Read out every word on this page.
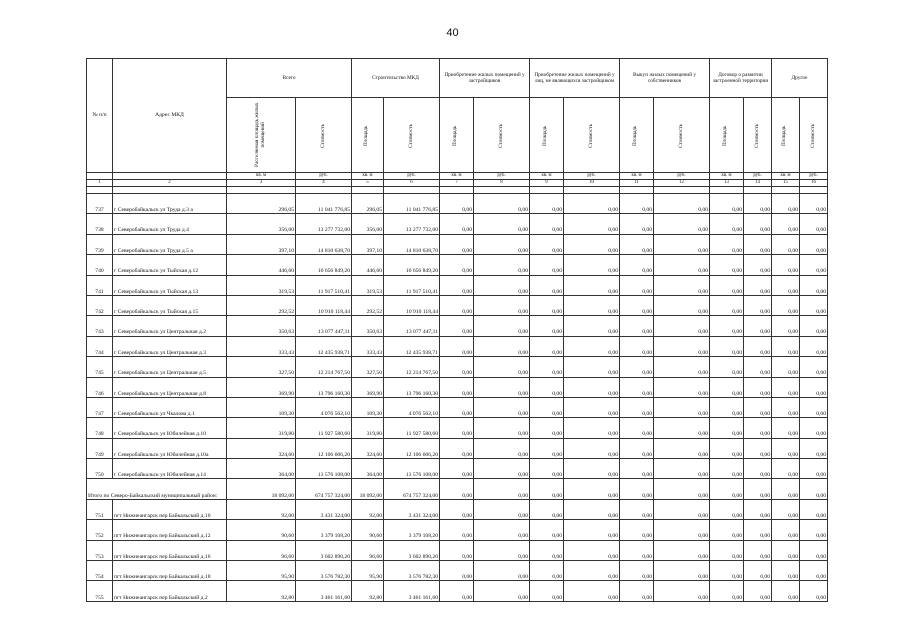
40
№ п/п	Адрес МКД	Всего		Строительство МКД		Приобретение жилых помещений у застройщиков		Приобретение жилых помещений у лиц, не являющихся застройщиком		Выкуп жилых помещений у собственников		Договор о развитии застроенной территории		Другое	
		Расселяемая площадь жилых помещений	Стоимость	Площадь	Стоимость	Площадь	Стоимость	Площадь	Стоимость	Площадь	Стоимость	Площадь	Стоимость	Площадь	Стоимость
		кв. м	руб.	кв. м	руб.	кв. м	руб.	кв. м	руб.	кв. м	руб.	кв. м	руб.	кв. м	руб.
1	2	3	4	5	6	7	8	9	10	11	12	13	14	15	16

737	г Северобайкальск ул Труда д.3 а	296,05	11 041 776,85	296,05	11 041 776,85	0,00	0,00	0,00	0,00	0,00	0,00	0,00	0,00	0,00	0,00
738	г Северобайкальск ул Труда д.4	356,00	13 277 732,00	356,00	13 277 732,00	0,00	0,00	0,00	0,00	0,00	0,00	0,00	0,00	0,00	0,00
739	г Северобайкальск ул Труда д.5 а	397,10	14 810 638,70	397,10	14 810 638,70	0,00	0,00	0,00	0,00	0,00	0,00	0,00	0,00	0,00	0,00
740	г Северобайкальск ул Тыйская д.12	446,60	16 656 849,20	446,60	16 656 849,20	0,00	0,00	0,00	0,00	0,00	0,00	0,00	0,00	0,00	0,00
741	г Северобайкальск ул Тыйская д.13	319,53	11 917 510,41	319,53	11 917 510,41	0,00	0,00	0,00	0,00	0,00	0,00	0,00	0,00	0,00	0,00
742	г Северобайкальск ул Тыйская д.15	292,52	10 910 118,44	292,52	10 910 118,44	0,00	0,00	0,00	0,00	0,00	0,00	0,00	0,00	0,00	0,00
743	г Северобайкальск ул Центральная д.2	350,63	13 077 447,11	350,63	13 077 447,11	0,00	0,00	0,00	0,00	0,00	0,00	0,00	0,00	0,00	0,00
744	г Северобайкальск ул Центральная д.3	333,43	12 435 938,71	333,43	12 435 938,71	0,00	0,00	0,00	0,00	0,00	0,00	0,00	0,00	0,00	0,00
745	г Северобайкальск ул Центральная д.5	327,50	12 214 767,50	327,50	12 214 767,50	0,00	0,00	0,00	0,00	0,00	0,00	0,00	0,00	0,00	0,00
746	г Северобайкальск ул Центральная д.8	369,90	13 796 160,30	369,90	13 796 160,30	0,00	0,00	0,00	0,00	0,00	0,00	0,00	0,00	0,00	0,00
747	г Северобайкальск ул Чкалова д.1	109,30	4 076 562,10	109,30	4 076 562,10	0,00	0,00	0,00	0,00	0,00	0,00	0,00	0,00	0,00	0,00
748	г Северобайкальск ул Юбилейная д.10	319,80	11 927 580,60	319,80	11 927 580,60	0,00	0,00	0,00	0,00	0,00	0,00	0,00	0,00	0,00	0,00
749	г Северобайкальск ул Юбилейная д.10а	324,60	12 106 606,20	324,60	12 106 606,20	0,00	0,00	0,00	0,00	0,00	0,00	0,00	0,00	0,00	0,00
750	г Северобайкальск ул Юбилейная д.14	364,00	13 576 108,00	364,00	13 576 108,00	0,00	0,00	0,00	0,00	0,00	0,00	0,00	0,00	0,00	0,00
Итого по Северо-Байкальский муниципальный район:		18 092,00	674 757 324,00	18 092,00	674 757 324,00	0,00	0,00	0,00	0,00	0,00	0,00	0,00	0,00	0,00	0,00
751	пгт Нижнеангарск пер Байкальский д.10	92,00	3 431 324,00	92,00	3 431 324,00	0,00	0,00	0,00	0,00	0,00	0,00	0,00	0,00	0,00	0,00
752	пгт Нижнеангарск пер Байкальский д.12	90,60	3 379 108,20	90,60	3 379 108,20	0,00	0,00	0,00	0,00	0,00	0,00	0,00	0,00	0,00	0,00
753	пгт Нижнеангарск пер Байкальский д.16	96,60	3 602 890,20	96,60	3 602 890,20	0,00	0,00	0,00	0,00	0,00	0,00	0,00	0,00	0,00	0,00
754	пгт Нижнеангарск пер Байкальский д.18	95,90	3 576 782,30	95,90	3 576 782,30	0,00	0,00	0,00	0,00	0,00	0,00	0,00	0,00	0,00	0,00
755	пгт Нижнеангарск пер Байкальский д.2	92,80	3 461 161,60	92,80	3 461 161,60	0,00	0,00	0,00	0,00	0,00	0,00	0,00	0,00	0,00	0,00
